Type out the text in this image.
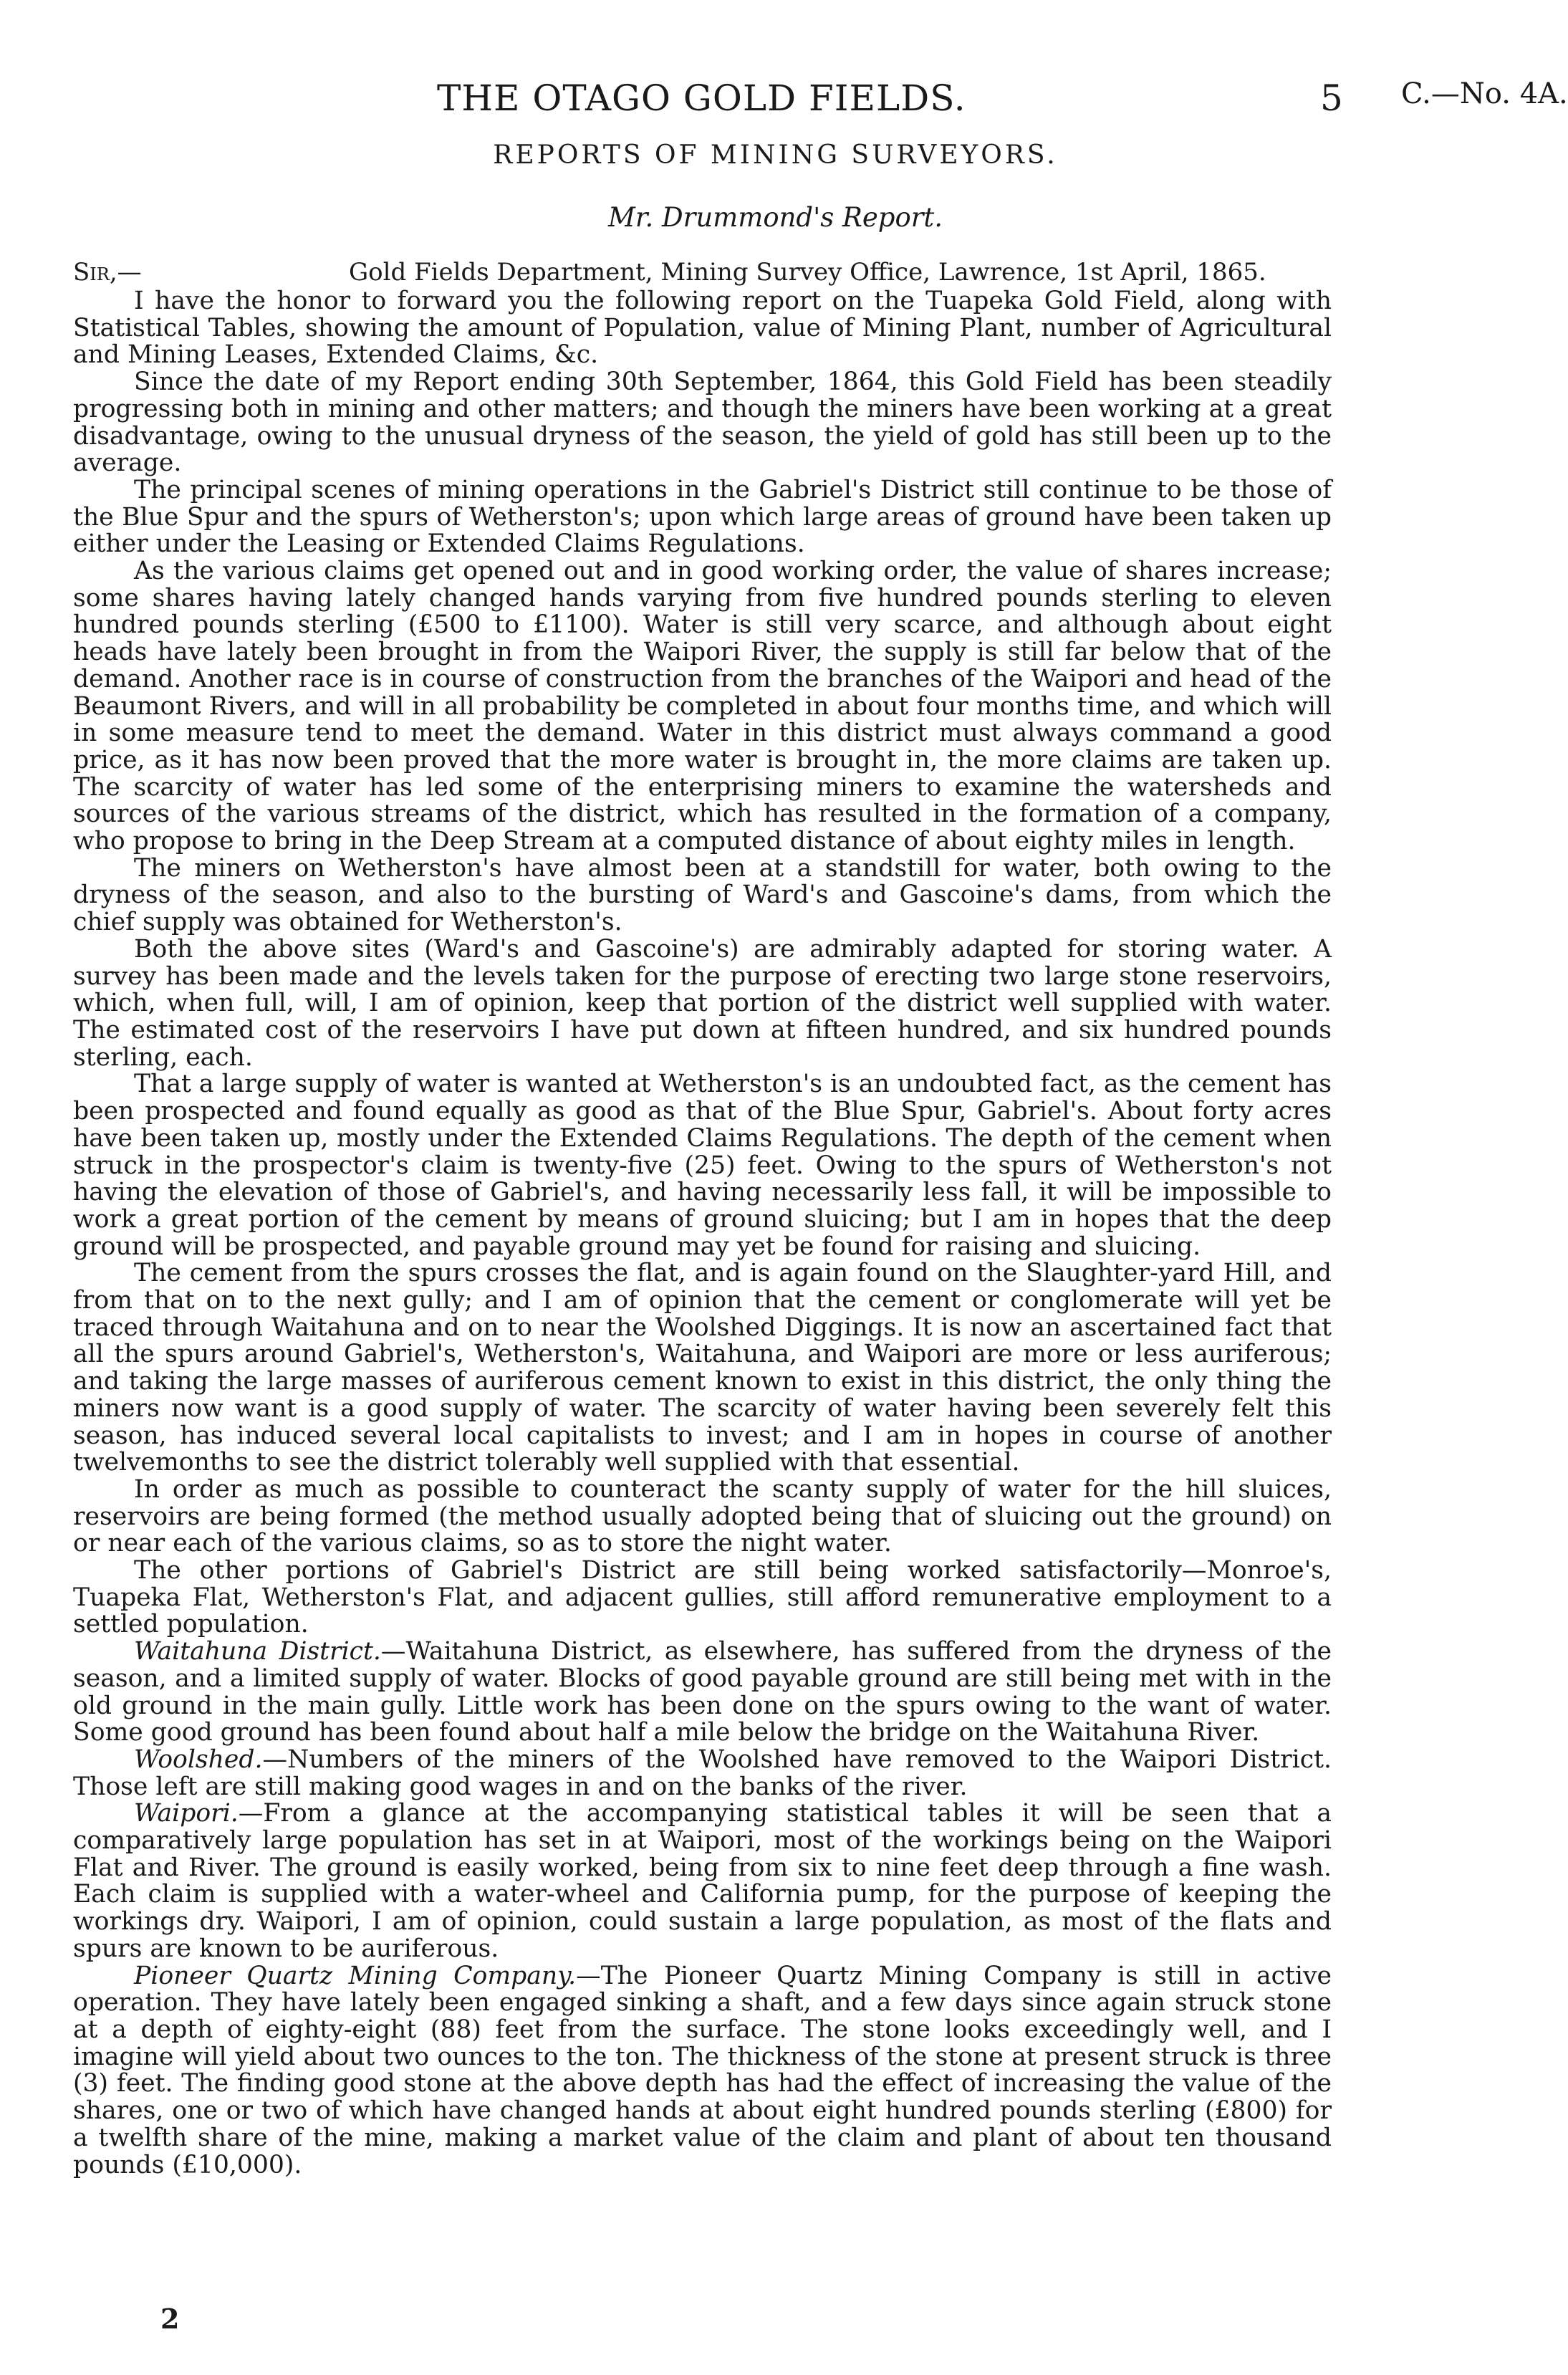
THE OTAGO GOLD FIELDS.	5 C.—No. 4A.
REPORTS OF MINING SURVEYORS.
Mr. Drummond's Report.
Sir,—	Gold Fields Department, Mining Survey Office, Lawrence, 1st April, 1865.

I have the honor to forward you the following report on the Tuapeka Gold Field, along with Statistical Tables, showing the amount of Population, value of Mining Plant, number of Agricultural and Mining Leases, Extended Claims, &c.

Since the date of my Report ending 30th September, 1864, this Gold Field has been steadily progressing both in mining and other matters; and though the miners have been working at a great disadvantage, owing to the unusual dryness of the season, the yield of gold has still been up to the average.

The principal scenes of mining operations in the Gabriel's District still continue to be those of the Blue Spur and the spurs of Wetherston's; upon which large areas of ground have been taken up either under the Leasing or Extended Claims Regulations.

As the various claims get opened out and in good working order, the value of shares increase; some shares having lately changed hands varying from five hundred pounds sterling to eleven hundred pounds sterling (£500 to £1100). Water is still very scarce, and although about eight heads have lately been brought in from the Waipori River, the supply is still far below that of the demand. Another race is in course of construction from the branches of the Waipori and head of the Beaumont Rivers, and will in all probability be completed in about four months time, and which will in some measure tend to meet the demand. Water in this district must always command a good price, as it has now been proved that the more water is brought in, the more claims are taken up. The scarcity of water has led some of the enterprising miners to examine the watersheds and sources of the various streams of the district, which has resulted in the formation of a company, who propose to bring in the Deep Stream at a computed distance of about eighty miles in length.

The miners on Wetherston's have almost been at a standstill for water, both owing to the dryness of the season, and also to the bursting of Ward's and Gascoine's dams, from which the chief supply was obtained for Wetherston's.

Both the above sites (Ward's and Gascoine's) are admirably adapted for storing water. A survey has been made and the levels taken for the purpose of erecting two large stone reservoirs, which, when full, will, I am of opinion, keep that portion of the district well supplied with water. The estimated cost of the reservoirs I have put down at fifteen hundred, and six hundred pounds sterling, each.

That a large supply of water is wanted at Wetherston's is an undoubted fact, as the cement has been prospected and found equally as good as that of the Blue Spur, Gabriel's. About forty acres have been taken up, mostly under the Extended Claims Regulations. The depth of the cement when struck in the prospector's claim is twenty-five (25) feet. Owing to the spurs of Wetherston's not having the elevation of those of Gabriel's, and having necessarily less fall, it will be impossible to work a great portion of the cement by means of ground sluicing; but I am in hopes that the deep ground will be prospected, and payable ground may yet be found for raising and sluicing.

The cement from the spurs crosses the flat, and is again found on the Slaughter-yard Hill, and from that on to the next gully; and I am of opinion that the cement or conglomerate will yet be traced through Waitahuna and on to near the Woolshed Diggings. It is now an ascertained fact that all the spurs around Gabriel's, Wetherston's, Waitahuna, and Waipori are more or less auriferous; and taking the large masses of auriferous cement known to exist in this district, the only thing the miners now want is a good supply of water. The scarcity of water having been severely felt this season, has induced several local capitalists to invest; and I am in hopes in course of another twelvemonths to see the district tolerably well supplied with that essential.

In order as much as possible to counteract the scanty supply of water for the hill sluices, reservoirs are being formed (the method usually adopted being that of sluicing out the ground) on or near each of the various claims, so as to store the night water.

The other portions of Gabriel's District are still being worked satisfactorily—Monroe's, Tuapeka Flat, Wetherston's Flat, and adjacent gullies, still afford remunerative employment to a settled population.

Waitahuna District.—Waitahuna District, as elsewhere, has suffered from the dryness of the season, and a limited supply of water. Blocks of good payable ground are still being met with in the old ground in the main gully. Little work has been done on the spurs owing to the want of water. Some good ground has been found about half a mile below the bridge on the Waitahuna River.

Woolshed.—Numbers of the miners of the Woolshed have removed to the Waipori District. Those left are still making good wages in and on the banks of the river.

Waipori.—From a glance at the accompanying statistical tables it will be seen that a comparatively large population has set in at Waipori, most of the workings being on the Waipori Flat and River. The ground is easily worked, being from six to nine feet deep through a fine wash. Each claim is supplied with a water-wheel and California pump, for the purpose of keeping the workings dry. Waipori, I am of opinion, could sustain a large population, as most of the flats and spurs are known to be auriferous.

Pioneer Quartz Mining Company.—The Pioneer Quartz Mining Company is still in active operation. They have lately been engaged sinking a shaft, and a few days since again struck stone at a depth of eighty-eight (88) feet from the surface. The stone looks exceedingly well, and I imagine will yield about two ounces to the ton. The thickness of the stone at present struck is three (3) feet. The finding good stone at the above depth has had the effect of increasing the value of the shares, one or two of which have changed hands at about eight hundred pounds sterling (£800) for a twelfth share of the mine, making a market value of the claim and plant of about ten thousand pounds (£10,000).

2
